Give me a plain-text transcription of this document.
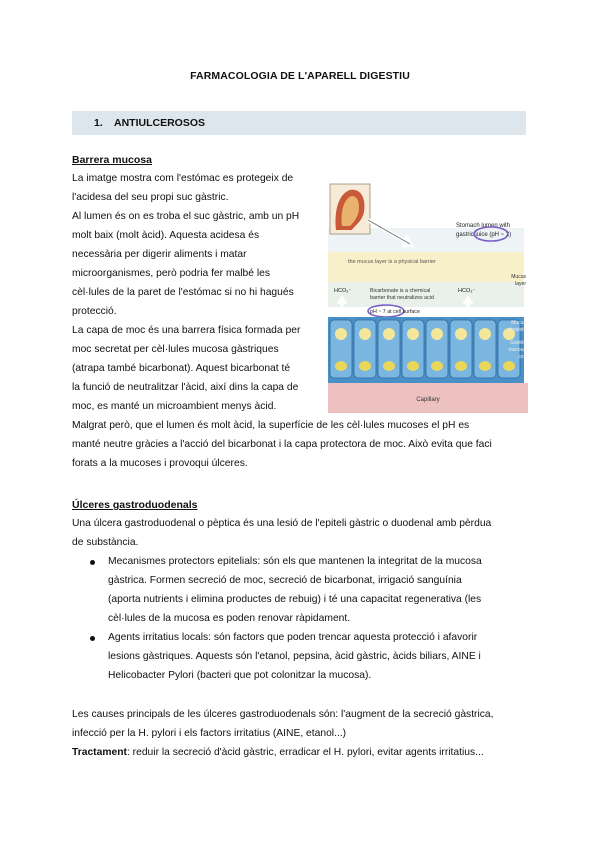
FARMACOLOGIA DE L'APARELL DIGESTIU
1. ANTIULCEROSOS
Barrera mucosa
La imatge mostra com l'estómac es protegeix de
l'acidesa del seu propi suc gàstric.
Al lumen és on es troba el suc gàstric, amb un pH
molt baix (molt àcid). Aquesta acidesa és
necessària per digerir aliments i matar
microorganismes, però podria fer malbé les
cèl·lules de la paret de l'estómac si no hi hagués
protecció.
La capa de moc és una barrera física formada per
moc secretat per cèl·lules mucosa gàstriques
(atrapa també bicarbonat). Aquest bicarbonat té
la funció de neutralitzar l'àcid, així dins la capa de
moc, es manté un microambient menys àcid.
Malgrat però, que el lumen és molt àcid, la superfície de les cèl·lules mucoses el pH es
manté neutre gràcies a l'acció del bicarbonat i la capa protectora de moc. Això evita que faci
forats a la mucoses i provoqui úlceres.
Stomach lumen with
gastric juice (pH ~ 2)
the mucus layer is a physical barrier
HCO₃⁻	HCO₃⁻
Bicarbonate is a chemical
barrier that neutralizes acid
pH ~ 7 at cell surface
Mucus
layer
Mucus
droplets
Gastric
mucous
cell
Capillary
Úlceres gastroduodenals
Una úlcera gastroduodenal o pèptica és una lesió de l'epiteli gàstric o duodenal amb pèrdua
de substància.
Mecanismes protectors epitelials: són els que mantenen la integritat de la mucosa
gàstrica. Formen secreció de moc, secreció de bicarbonat, irrigació sanguínia
(aporta nutrients i elimina productes de rebuig) i té una capacitat regenerativa (les
cèl·lules de la mucosa es poden renovar ràpidament.
Agents irritatius locals: són factors que poden trencar aquesta protecció i afavorir
lesions gàstriques. Aquests són l'etanol, pepsina, àcid gàstric, àcids biliars, AINE i
Helicobacter Pylori (bacteri que pot colonitzar la mucosa).
Les causes principals de les úlceres gastroduodenals són: l'augment de la secreció gàstrica,
infecció per la H. pylori i els factors irritatius (AINE, etanol...)
Tractament: reduir la secreció d'àcid gàstric, erradicar el H. pylori, evitar agents irritatius...
